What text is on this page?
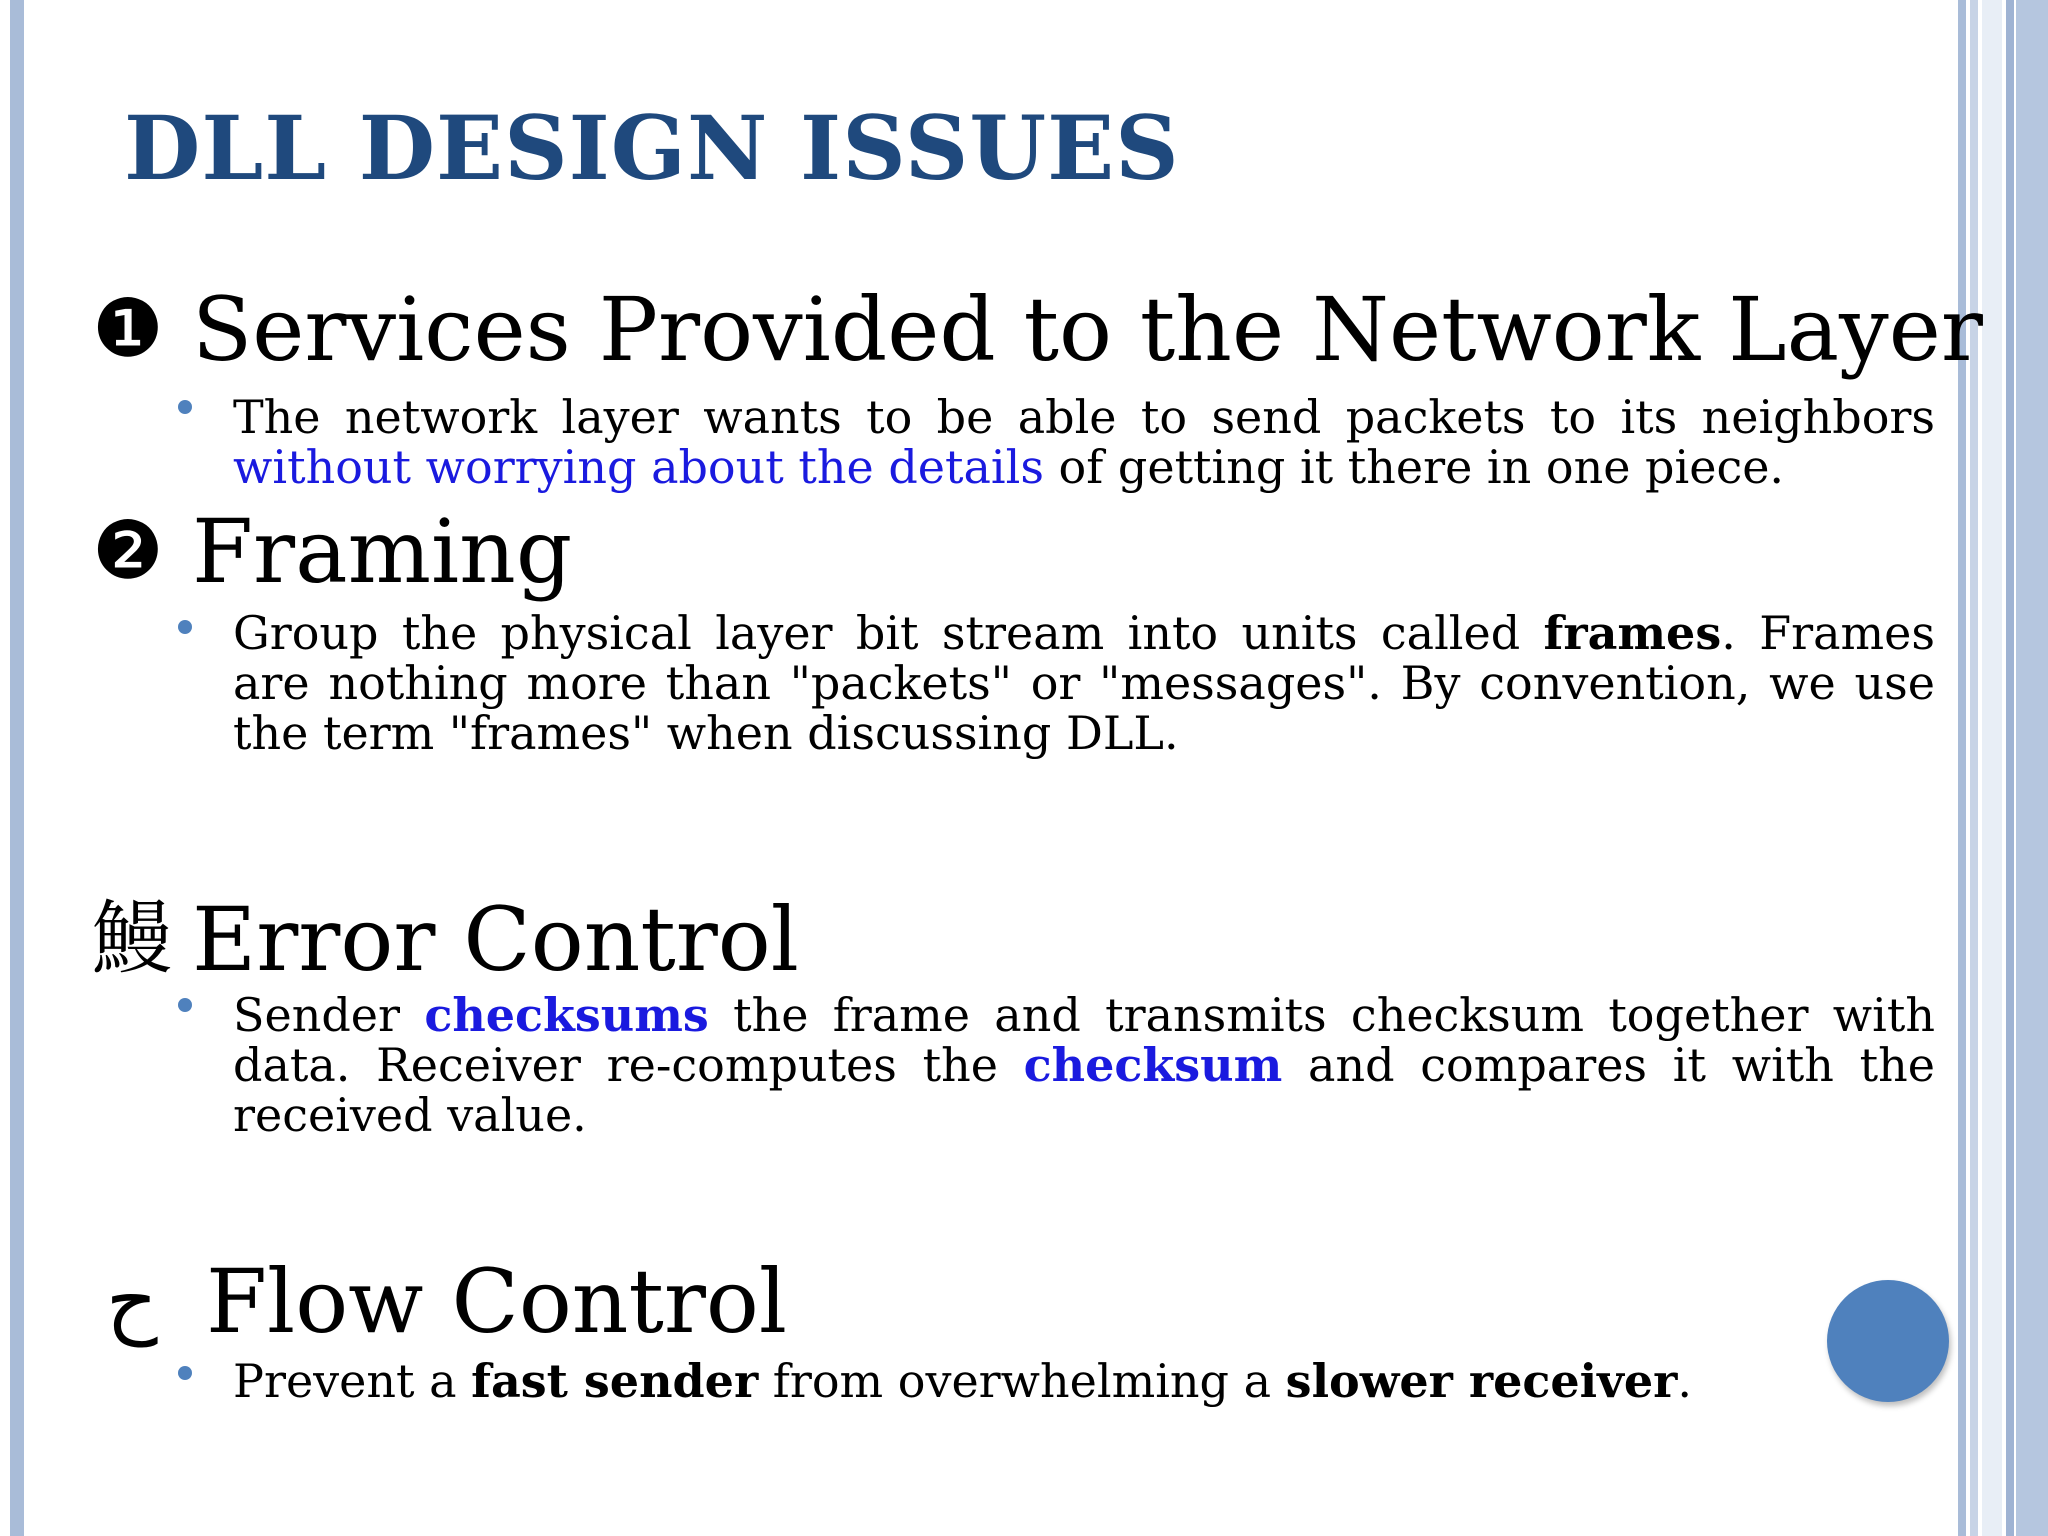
DLL DESIGN ISSUES
❶ Services Provided to the Network Layer
The network layer wants to be able to send packets to its neighbors without worrying about the details of getting it there in one piece.
❷ Framing
Group the physical layer bit stream into units called frames. Frames are nothing more than "packets" or "messages". By convention, we use the term "frames" when discussing DLL.
鰻 Error Control
Sender checksums the frame and transmits checksum together with data. Receiver re-computes the checksum and compares it with the received value.
ح Flow Control
Prevent a fast sender from overwhelming a slower receiver.
